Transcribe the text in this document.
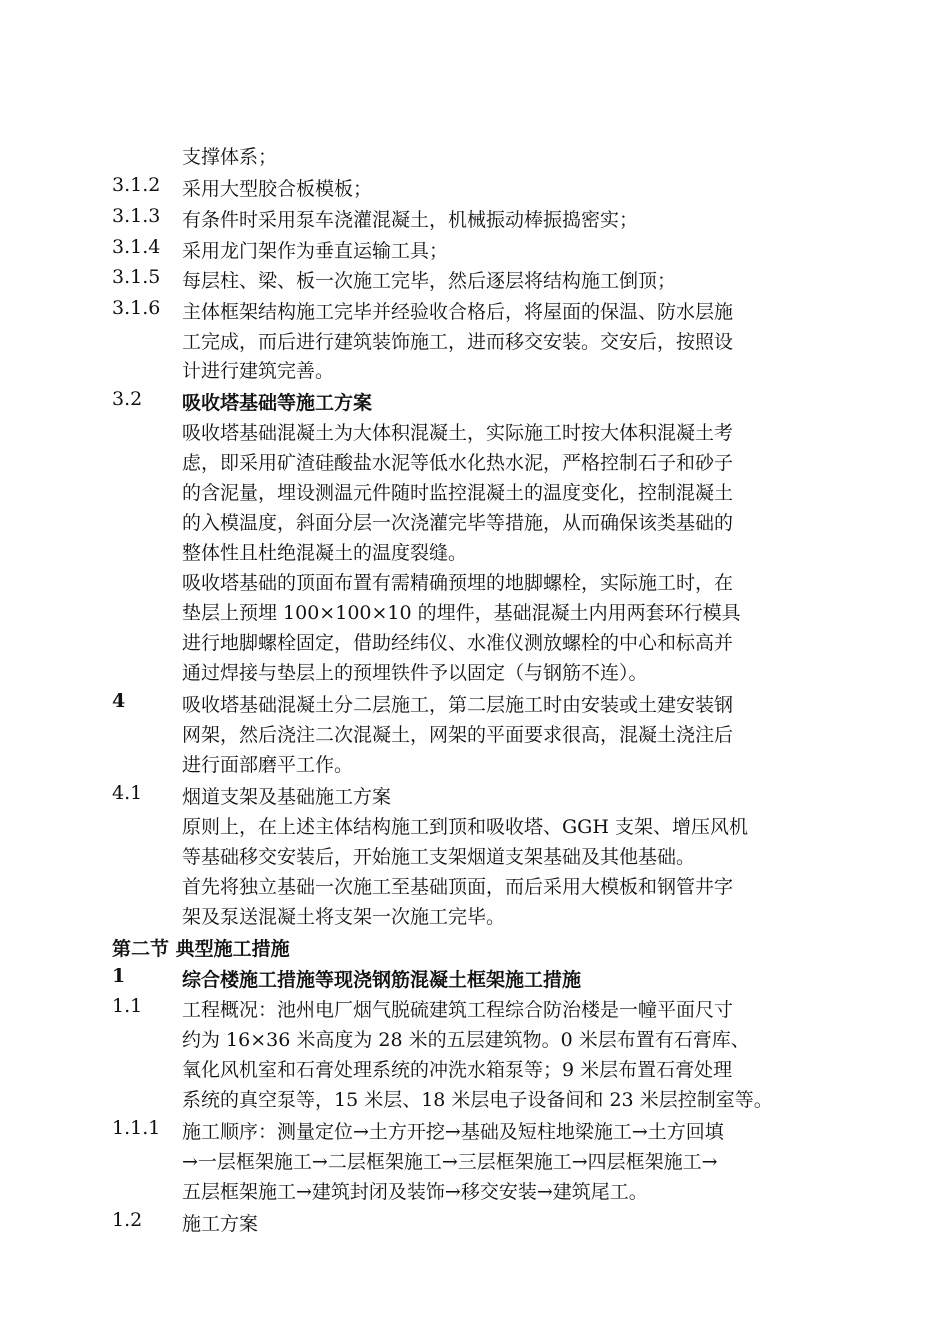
支撑体系；
3.1.2 采用大型胶合板模板；
3.1.3 有条件时采用泵车浇灌混凝土，机械振动棒振捣密实；
3.1.4 采用龙门架作为垂直运输工具；
3.1.5 每层柱、梁、板一次施工完毕，然后逐层将结构施工倒顶；
3.1.6 主体框架结构施工完毕并经验收合格后，将屋面的保温、防水层施
工完成，而后进行建筑装饰施工，进而移交安装。交安后，按照设
计进行建筑完善。
3.2 吸收塔基础等施工方案
吸收塔基础混凝土为大体积混凝土，实际施工时按大体积混凝土考
虑，即采用矿渣硅酸盐水泥等低水化热水泥，严格控制石子和砂子
的含泥量，埋设测温元件随时监控混凝土的温度变化，控制混凝土
的入模温度，斜面分层一次浇灌完毕等措施，从而确保该类基础的
整体性且杜绝混凝土的温度裂缝。
吸收塔基础的顶面布置有需精确预埋的地脚螺栓，实际施工时，在
垫层上预埋 100×100×10 的埋件，基础混凝土内用两套环行模具
进行地脚螺栓固定，借助经纬仪、水准仪测放螺栓的中心和标高并
通过焊接与垫层上的预埋铁件予以固定（与钢筋不连）。
4	吸收塔基础混凝土分二层施工，第二层施工时由安装或土建安装钢
网架，然后浇注二次混凝土，网架的平面要求很高，混凝土浇注后
进行面部磨平工作。
4.1 烟道支架及基础施工方案
原则上，在上述主体结构施工到顶和吸收塔、GGH 支架、增压风机
等基础移交安装后，开始施工支架烟道支架基础及其他基础。
首先将独立基础一次施工至基础顶面，而后采用大模板和钢管井字
架及泵送混凝土将支架一次施工完毕。
第二节 典型施工措施
1	综合楼施工措施等现浇钢筋混凝土框架施工措施
1.1 工程概况：池州电厂烟气脱硫建筑工程综合防治楼是一幢平面尺寸
约为 16×36 米高度为 28 米的五层建筑物。0 米层布置有石膏库、
氧化风机室和石膏处理系统的冲洗水箱泵等；9 米层布置石膏处理
系统的真空泵等，15 米层、18 米层电子设备间和 23 米层控制室等。
1.1.1 施工顺序：测量定位→土方开挖→基础及短柱地梁施工→土方回填
→一层框架施工→二层框架施工→三层框架施工→四层框架施工→
五层框架施工→建筑封闭及装饰→移交安装→建筑尾工。
1.2 施工方案
